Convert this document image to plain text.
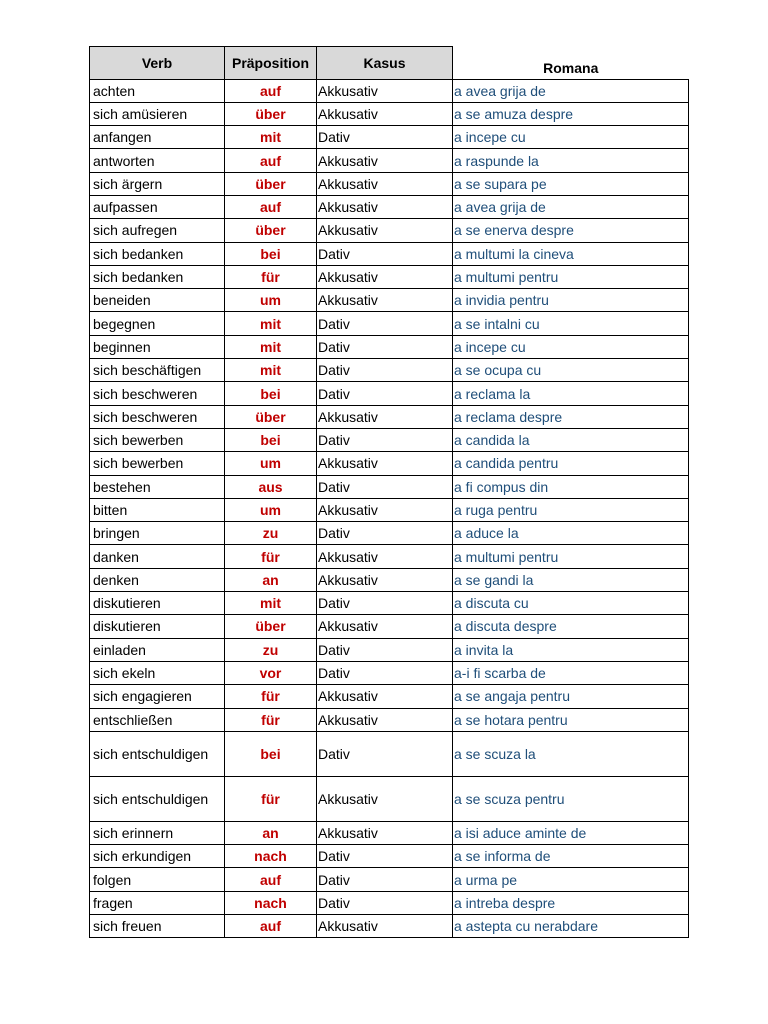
Verb	Präposition	Kasus	Romana
achten	auf	Akkusativ	a avea grija de
sich amüsieren	über	Akkusativ	a se amuza despre
anfangen	mit	Dativ	a incepe cu
antworten	auf	Akkusativ	a raspunde la
sich ärgern	über	Akkusativ	a se supara pe
aufpassen	auf	Akkusativ	a avea grija de
sich aufregen	über	Akkusativ	a se enerva despre
sich bedanken	bei	Dativ	a multumi la cineva
sich bedanken	für	Akkusativ	a multumi pentru
beneiden	um	Akkusativ	a invidia pentru
begegnen	mit	Dativ	a se intalni cu
beginnen	mit	Dativ	a incepe cu
sich beschäftigen	mit	Dativ	a se ocupa cu
sich beschweren	bei	Dativ	a reclama la
sich beschweren	über	Akkusativ	a reclama despre
sich bewerben	bei	Dativ	a candida la
sich bewerben	um	Akkusativ	a candida pentru
bestehen	aus	Dativ	a fi compus din
bitten	um	Akkusativ	a ruga pentru
bringen	zu	Dativ	a aduce la
danken	für	Akkusativ	a multumi pentru
denken	an	Akkusativ	a se gandi la
diskutieren	mit	Dativ	a discuta cu
diskutieren	über	Akkusativ	a discuta despre
einladen	zu	Dativ	a invita la
sich ekeln	vor	Dativ	a-i fi scarba de
sich engagieren	für	Akkusativ	a se angaja pentru
entschließen	für	Akkusativ	a se hotara pentru
sich entschuldigen	bei	Dativ	a se scuza la
sich entschuldigen	für	Akkusativ	a se scuza pentru
sich erinnern	an	Akkusativ	a isi aduce aminte de
sich erkundigen	nach	Dativ	a se informa de
folgen	auf	Dativ	a urma pe
fragen	nach	Dativ	a intreba despre
sich freuen	auf	Akkusativ	a astepta cu nerabdare
